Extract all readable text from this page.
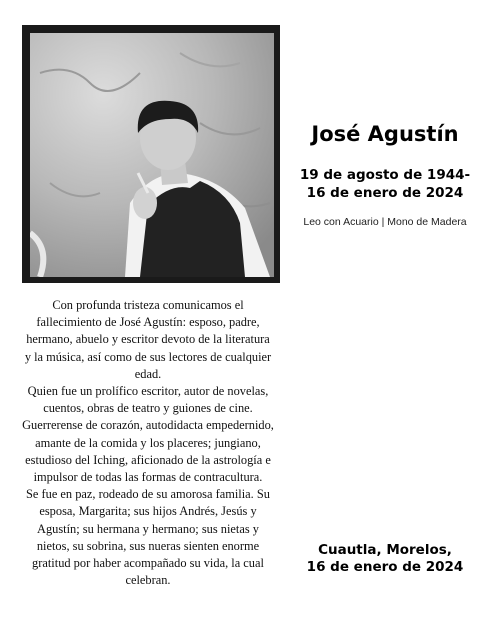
José Agustín
19 de agosto de 1944-
16 de enero de 2024
Leo con Acuario | Mono de Madera

Con profunda tristeza comunicamos el fallecimiento de José Agustín: esposo, padre, hermano, abuelo y escritor devoto de la literatura y la música, así como de sus lectores de cualquier edad.

Quien fue un prolífico escritor, autor de novelas, cuentos, obras de teatro y guiones de cine. Guerrerense de corazón, autodidacta empedernido, amante de la comida y los placeres; jungiano, estudioso del Iching, aficionado de la astrología e impulsor de todas las formas de contracultura.

Se fue en paz, rodeado de su amorosa familia. Su esposa, Margarita; sus hijos Andrés, Jesús y Agustín; su hermana y hermano; sus nietas y nietos, su sobrina, sus nueras sienten enorme gratitud por haber acompañado su vida, la cual celebran.

Cuautla, Morelos,
16 de enero de 2024
